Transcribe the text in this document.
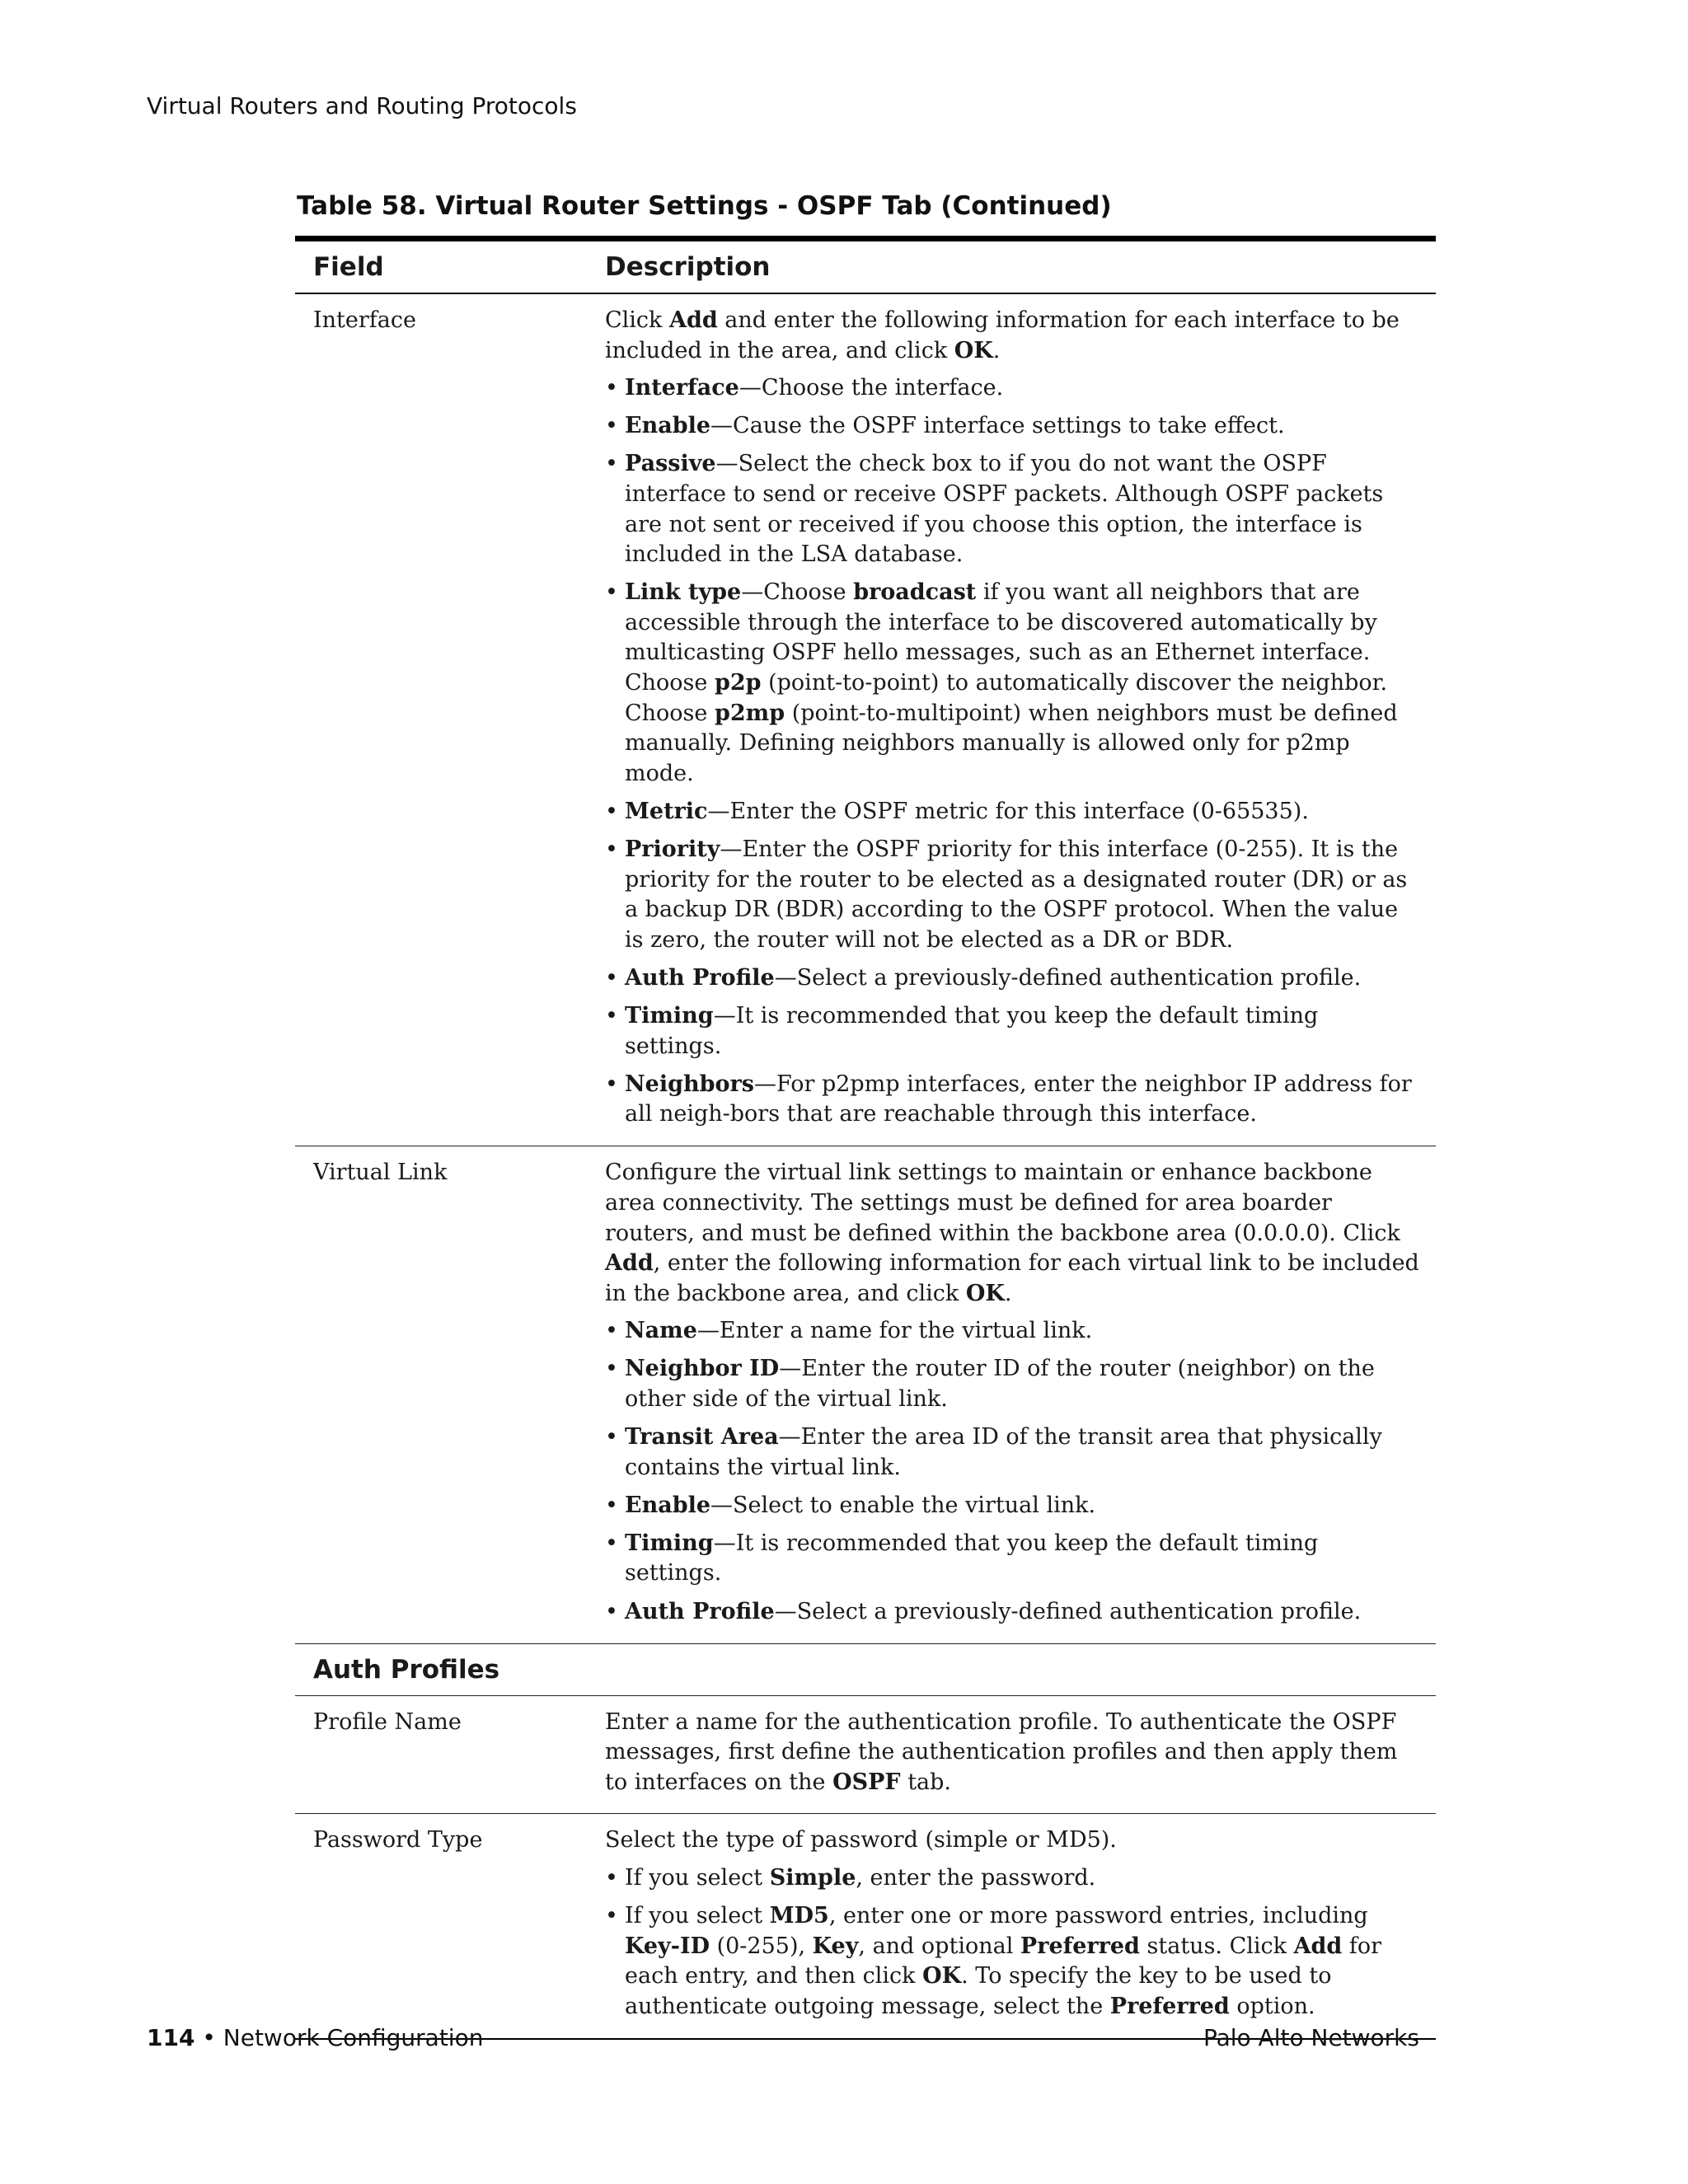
Virtual Routers and Routing Protocols
Table 58. Virtual Router Settings - OSPF Tab (Continued)
Field	Description
Interface	Click Add and enter the following information for each interface to be included in the area, and click OK.

• Interface—Choose the interface.
• Enable—Cause the OSPF interface settings to take effect.
• Passive—Select the check box to if you do not want the OSPF interface to send or receive OSPF packets. Although OSPF packets are not sent or received if you choose this option, the interface is included in the LSA database.
• Link type—Choose broadcast if you want all neighbors that are accessible through the interface to be discovered automatically by multicasting OSPF hello messages, such as an Ethernet interface. Choose p2p (point-to-point) to automatically discover the neighbor. Choose p2mp (point-to-multipoint) when neighbors must be defined manually. Defining neighbors manually is allowed only for p2mp mode.
• Metric—Enter the OSPF metric for this interface (0-65535).
• Priority—Enter the OSPF priority for this interface (0-255). It is the priority for the router to be elected as a designated router (DR) or as a backup DR (BDR) according to the OSPF protocol. When the value is zero, the router will not be elected as a DR or BDR.
• Auth Profile—Select a previously-defined authentication profile.
• Timing—It is recommended that you keep the default timing settings.
• Neighbors—For p2pmp interfaces, enter the neighbor IP address for all neigh-bors that are reachable through this interface.
Virtual Link	Configure the virtual link settings to maintain or enhance backbone area connectivity. The settings must be defined for area boarder routers, and must be defined within the backbone area (0.0.0.0). Click Add, enter the following information for each virtual link to be included in the backbone area, and click OK.

• Name—Enter a name for the virtual link.
• Neighbor ID—Enter the router ID of the router (neighbor) on the other side of the virtual link.
• Transit Area—Enter the area ID of the transit area that physically contains the virtual link.
• Enable—Select to enable the virtual link.
• Timing—It is recommended that you keep the default timing settings.
• Auth Profile—Select a previously-defined authentication profile.
Auth Profiles
Profile Name	Enter a name for the authentication profile. To authenticate the OSPF messages, first define the authentication profiles and then apply them to interfaces on the OSPF tab.

Password Type	Select the type of password (simple or MD5).

• If you select Simple, enter the password.
• If you select MD5, enter one or more password entries, including Key-ID (0-255), Key, and optional Preferred status. Click Add for each entry, and then click OK. To specify the key to be used to authenticate outgoing message, select the Preferred option.
114 • Network Configuration	Palo Alto Networks
